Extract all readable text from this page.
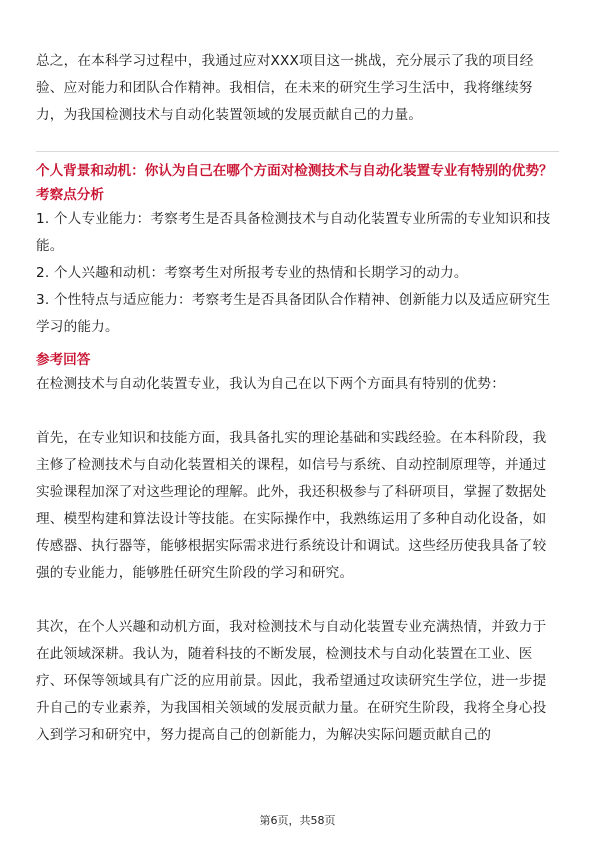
总之，在本科学习过程中，我通过应对XXX项目这一挑战，充分展示了我的项目经验、应对能力和团队合作精神。我相信，在未来的研究生学习生活中，我将继续努力，为我国检测技术与自动化装置领域的发展贡献自己的力量。

个人背景和动机：你认为自己在哪个方面对检测技术与自动化装置专业有特别的优势？
考察点分析

1. 个人专业能力：考察考生是否具备检测技术与自动化装置专业所需的专业知识和技能。

2. 个人兴趣和动机：考察考生对所报考专业的热情和长期学习的动力。

3. 个性特点与适应能力：考察考生是否具备团队合作精神、创新能力以及适应研究生学习的能力。

参考回答

在检测技术与自动化装置专业，我认为自己在以下两个方面具有特别的优势：

首先，在专业知识和技能方面，我具备扎实的理论基础和实践经验。在本科阶段，我主修了检测技术与自动化装置相关的课程，如信号与系统、自动控制原理等，并通过实验课程加深了对这些理论的理解。此外，我还积极参与了科研项目，掌握了数据处理、模型构建和算法设计等技能。在实际操作中，我熟练运用了多种自动化设备，如传感器、执行器等，能够根据实际需求进行系统设计和调试。这些经历使我具备了较强的专业能力，能够胜任研究生阶段的学习和研究。

其次，在个人兴趣和动机方面，我对检测技术与自动化装置专业充满热情，并致力于在此领域深耕。我认为，随着科技的不断发展，检测技术与自动化装置在工业、医疗、环保等领域具有广泛的应用前景。因此，我希望通过攻读研究生学位，进一步提升自己的专业素养，为我国相关领域的发展贡献力量。在研究生阶段，我将全身心投入到学习和研究中，努力提高自己的创新能力，为解决实际问题贡献自己的

第6页，共58页
